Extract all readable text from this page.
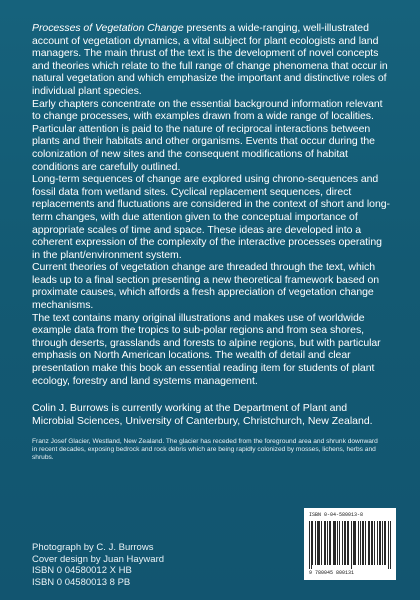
Processes of Vegetation Change presents a wide-ranging, well-illustrated account of vegetation dynamics, a vital subject for plant ecologists and land managers. The main thrust of the text is the development of novel concepts and theories which relate to the full range of change phenomena that occur in natural vegetation and which emphasize the important and distinctive roles of individual plant species.

Early chapters concentrate on the essential background information relevant to change processes, with examples drawn from a wide range of localities. Particular attention is paid to the nature of reciprocal interactions between plants and their habitats and other organisms. Events that occur during the colonization of new sites and the consequent modifications of habitat conditions are carefully outlined.

Long-term sequences of change are explored using chrono-sequences and fossil data from wetland sites. Cyclical replacement sequences, direct replacements and fluctuations are considered in the context of short and long-term changes, with due attention given to the conceptual importance of appropriate scales of time and space. These ideas are developed into a coherent expression of the complexity of the interactive processes operating in the plant/environment system.

Current theories of vegetation change are threaded through the text, which leads up to a final section presenting a new theoretical framework based on proximate causes, which affords a fresh appreciation of vegetation change mechanisms.

The text contains many original illustrations and makes use of worldwide example data from the tropics to sub-polar regions and from sea shores, through deserts, grasslands and forests to alpine regions, but with particular emphasis on North American locations. The wealth of detail and clear presentation make this book an essential reading item for students of plant ecology, forestry and land systems management.

Colin J. Burrows is currently working at the Department of Plant and Microbial Sciences, University of Canterbury, Christchurch, New Zealand.
Franz Josef Glacier, Westland, New Zealand. The glacier has receded from the foreground area and shrunk downward in recent decades, exposing bedrock and rock debris which are being rapidly colonized by mosses, lichens, herbs and shrubs.
Photograph by C. J. Burrows
Cover design by Juan Hayward
ISBN 0 04580012 X HB
ISBN 0 04580013 8 PB
ISBN 0-04-580013-8
9 780045 800131
